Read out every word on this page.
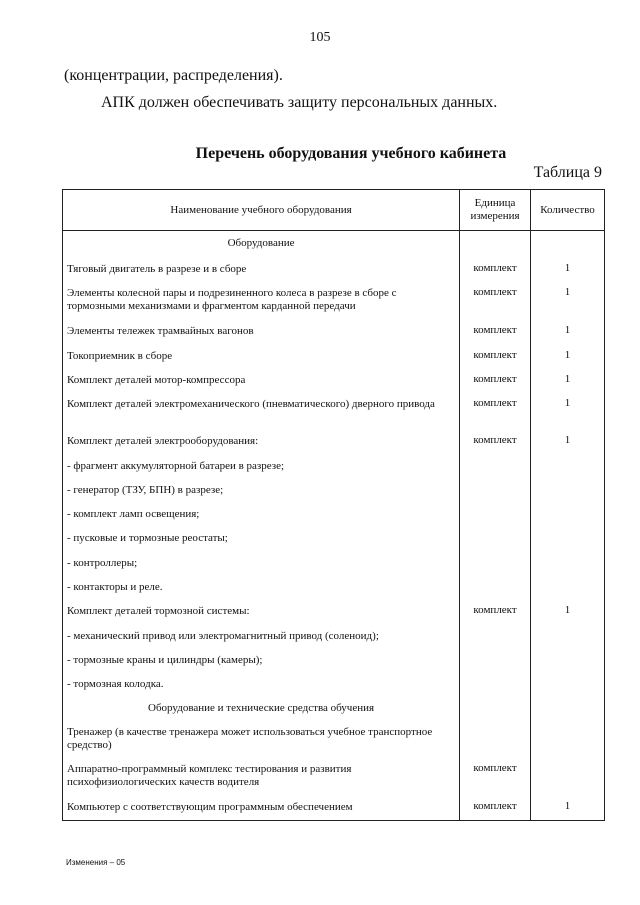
105
(концентрации, распределения).
АПК должен обеспечивать защиту персональных данных.
Перечень оборудования учебного кабинета
Таблица 9
Наименование учебного оборудования	Единица измерения	Количество
Оборудование		
Тяговый двигатель в разрезе и в сборе	комплект	1
Элементы колесной пары и подрезиненного колеса в разрезе в сборе с тормозными механизмами и фрагментом карданной передачи	комплект	1
Элементы тележек трамвайных вагонов	комплект	1
Токоприемник в сборе	комплект	1
Комплект деталей мотор-компрессора	комплект	1
Комплект деталей электромеханического (пневматического) дверного привода	комплект	1
Комплект деталей электрооборудования:	комплект	1
- фрагмент аккумуляторной батареи в разрезе;		
- генератор (ТЗУ, БПН) в разрезе;		
- комплект ламп освещения;		
- пусковые и тормозные реостаты;		
- контроллеры;		
- контакторы и реле.		
Комплект деталей тормозной системы:	комплект	1
- механический привод или электромагнитный привод (соленоид);		
- тормозные краны и цилиндры (камеры);		
- тормозная колодка.		
Оборудование и технические средства обучения		
Тренажер (в качестве тренажера может использоваться учебное транспортное средство)		
Аппаратно-программный комплекс тестирования и развития психофизиологических качеств водителя	комплект	
Компьютер с соответствующим программным обеспечением	комплект	1
Изменения – 05
